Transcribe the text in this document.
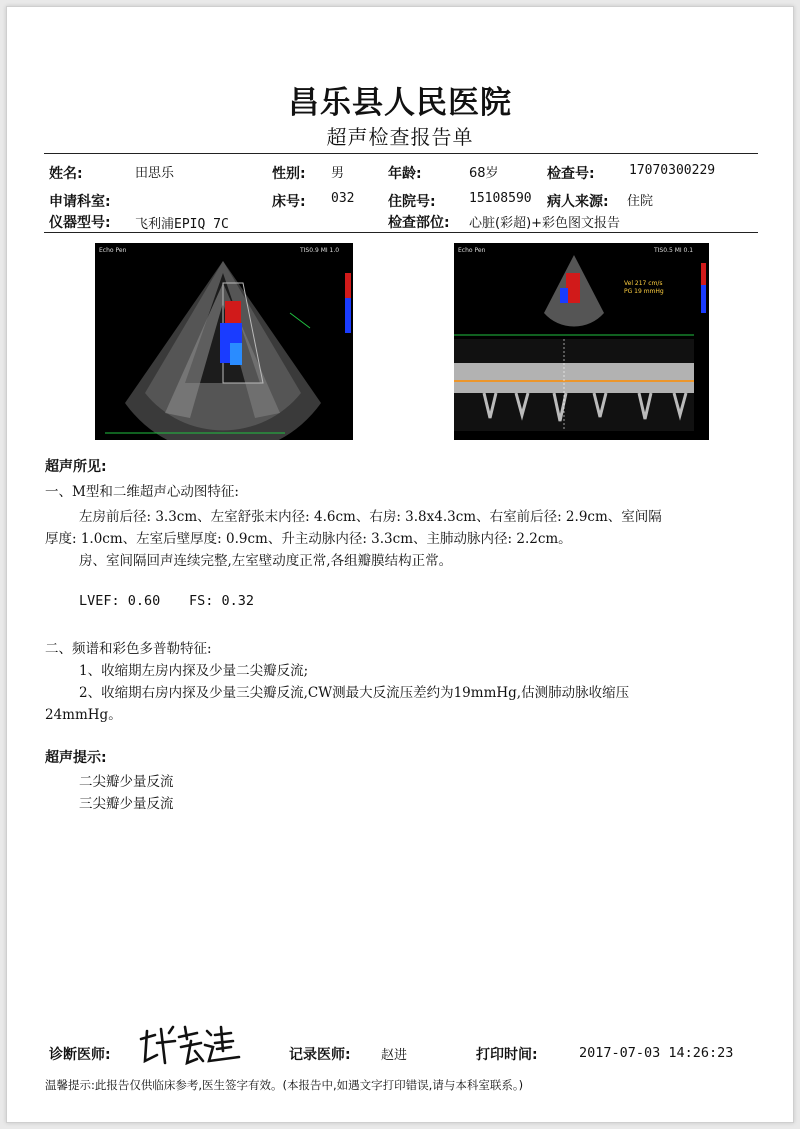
昌乐县人民医院
超声检查报告单
姓名:	田思乐	性别: 男	年龄:	68岁	检查号:	17070300229
申请科室:	床号: 032 住院号:	15108590 病人来源: 住院
仪器型号: 飞利浦EPIQ 7C	检查部位: 心脏(彩超)+彩色图文报告
Echo Pen	TIS0.9 MI 1.0	Echo Pen	TIS0.5 MI 0.1
Vel 217 cm/s
PG 19 mmHg
超声所见:
一、M型和二维超声心动图特征:
左房前后径: 3.3cm、左室舒张末内径: 4.6cm、右房: 3.8x4.3cm、右室前后径: 2.9cm、室间隔
厚度: 1.0cm、左室后壁厚度: 0.9cm、升主动脉内径: 3.3cm、主肺动脉内径: 2.2cm。
房、室间隔回声连续完整,左室壁动度正常,各组瓣膜结构正常。
LVEF: 0.60 FS: 0.32
二、频谱和彩色多普勒特征:
1、收缩期左房内探及少量二尖瓣反流;
2、收缩期右房内探及少量三尖瓣反流,CW测最大反流压差约为19mmHg,估测肺动脉收缩压
24mmHg。
超声提示:
二尖瓣少量反流
三尖瓣少量反流
诊断医师:	记录医师: 赵进	打印时间:	2017-07-03 14:26:23
温馨提示:此报告仅供临床参考,医生签字有效。(本报告中,如遇文字打印错误,请与本科室联系。)
